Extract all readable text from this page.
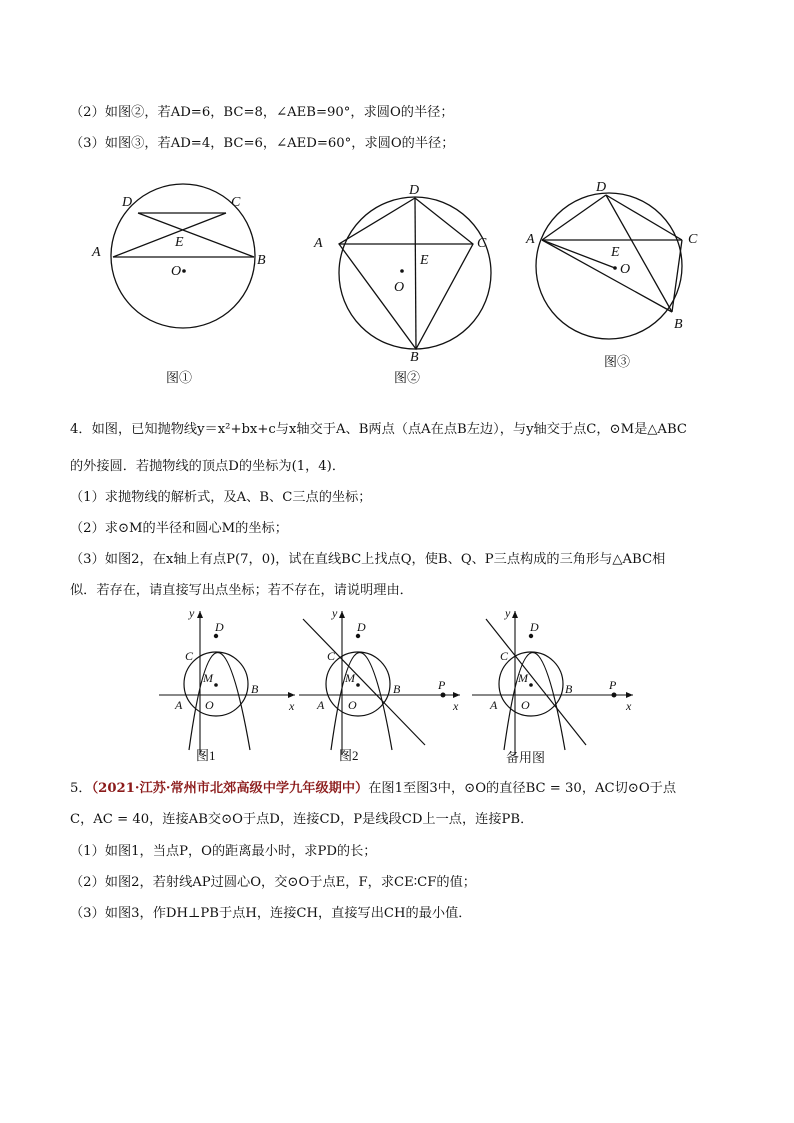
（2）如图②，若AD=6，BC=8，∠AEB=90°，求圆O的半径；
（3）如图③，若AD=4，BC=6，∠AED=60°，求圆O的半径；
D	C
A
B
E
O
图①
D
A	C
E
O
B
图②
D
A	C
E
O
B
图③
4．如图，已知抛物线y＝x²+bx+c与x轴交于A、B两点（点A在点B左边），与y轴交于点C，⊙M是△ABC
的外接圆．若抛物线的顶点D的坐标为(1，4)．
（1）求抛物线的解析式，及A、B、C三点的坐标；
（2）求⊙M的半径和圆心M的坐标；
（3）如图2，在x轴上有点P(7，0)，试在直线BC上找点Q，使B、Q、P三点构成的三角形与△ABC相
似．若存在，请直接写出点坐标；若不存在，请说明理由．
y
D
C
M
B
A O	x
图1
y
D
C
M
B
A O
P
x
图2
y
D
C
M
B
A O
P
x
备用图
5．（2021·江苏·常州市北郊高级中学九年级期中）在图1至图3中，⊙O的直径BC = 30，AC切⊙O于点
C，AC = 40，连接AB交⊙O于点D，连接CD，P是线段CD上一点，连接PB．
（1）如图1，当点P，O的距离最小时，求PD的长；
（2）如图2，若射线AP过圆心O，交⊙O于点E，F，求CE∶CF的值；
（3）如图3，作DH⊥PB于点H，连接CH，直接写出CH的最小值．
